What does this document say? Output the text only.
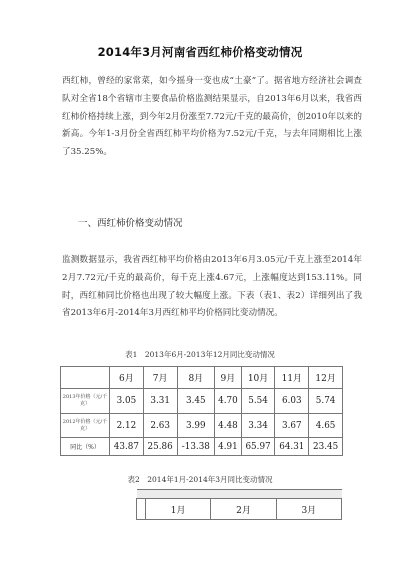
2014年3月河南省西红柿价格变动情况

西红柿，曾经的家常菜，如今摇身一变也成“土豪”了。据省地方经济社会调查队对全省18个省辖市主要食品价格监测结果显示，自2013年6月以来，我省西红柿价格持续上涨，到今年2月份涨至7.72元/千克的最高价，创2010年以来的新高。今年1-3月份全省西红柿平均价格为7.52元/千克，与去年同期相比上涨了35.25%。

一、西红柿价格变动情况

监测数据显示，我省西红柿平均价格由2013年6月3.05元/千克上涨至2014年2月7.72元/千克的最高价，每千克上涨4.67元，上涨幅度达到153.11%。同时，西红柿同比价格也出现了较大幅度上涨。下表（表1、表2）详细列出了我省2013年6月-2014年3月西红柿平均价格同比变动情况。

表1　2013年6月-2013年12月同比变动情况
	6月	7月	8月	9月	10月	11月	12月
2013年价格（元/千克）	3.05	3.31	3.45	4.70	5.54	6.03	5.74
2012年价格（元/千克）	2.12	2.63	3.99	4.48	3.34	3.67	4.65
同比（%）	43.87	25.86	-13.38	4.91	65.97	64.31	23.45
表2　2014年1月-2014年3月同比变动情况

	1月	2月	3月
